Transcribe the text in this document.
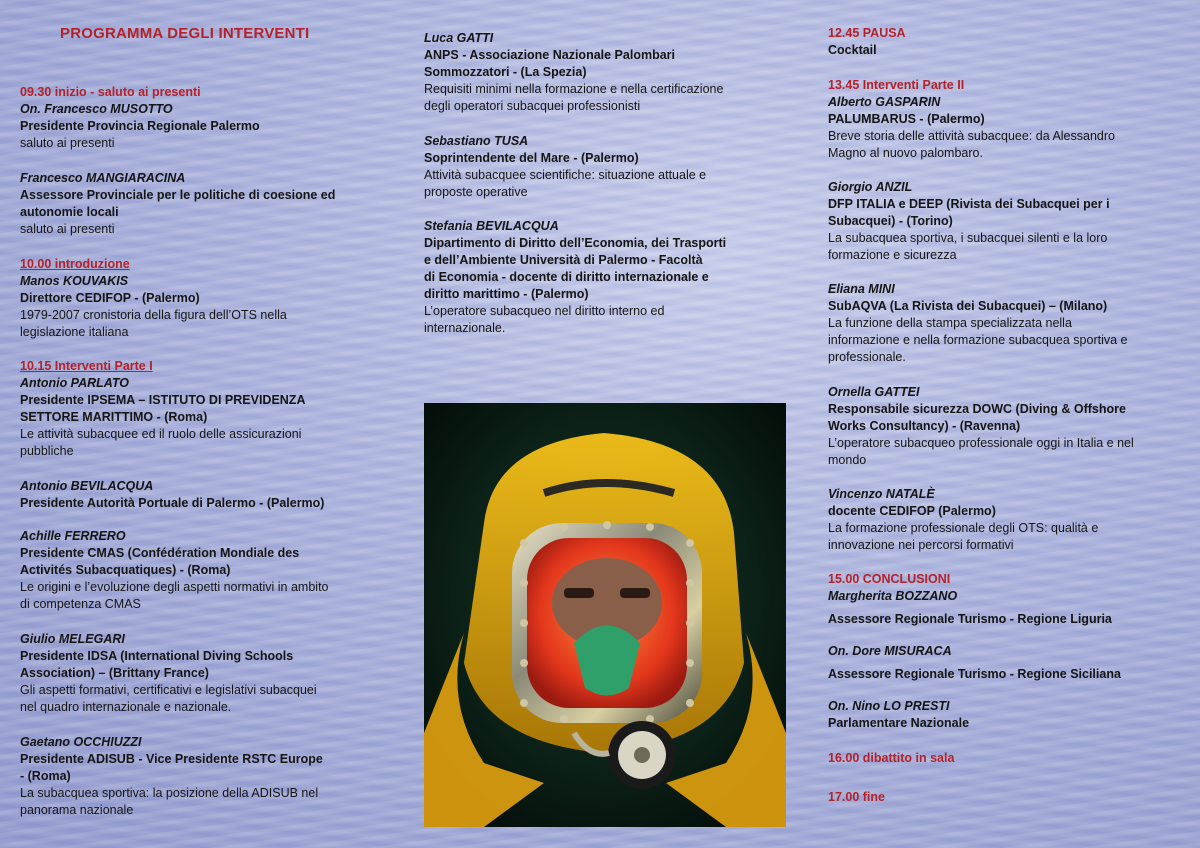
PROGRAMMA DEGLI INTERVENTI
09.30 inizio - saluto ai presenti
On. Francesco MUSOTTO
Presidente Provincia Regionale Palermo
saluto ai presenti
Francesco MANGIARACINA
Assessore Provinciale per le politiche di coesione ed
autonomie locali
saluto ai presenti
10.00 introduzione
Manos KOUVAKIS
Direttore CEDIFOP - (Palermo)
1979-2007 cronistoria della figura dell’OTS nella
legislazione italiana
10.15 Interventi Parte I
Antonio PARLATO
Presidente IPSEMA – ISTITUTO DI PREVIDENZA
SETTORE MARITTIMO - (Roma)
Le attività subacquee ed il ruolo delle assicurazioni
pubbliche
Antonio BEVILACQUA
Presidente Autorità Portuale di Palermo - (Palermo)
Achille FERRERO
Presidente CMAS (Confédération Mondiale des
Activités Subacquatiques) - (Roma)
Le origini e l’evoluzione degli aspetti normativi in ambito
di competenza CMAS
Giulio MELEGARI
Presidente IDSA (International Diving Schools
Association) – (Brittany France)
Gli aspetti formativi, certificativi e legislativi subacquei
nel quadro internazionale e nazionale.
Gaetano OCCHIUZZI
Presidente ADISUB - Vice Presidente RSTC Europe
- (Roma)
La subacquea sportiva: la posizione della ADISUB nel
panorama nazionale
Luca GATTI
ANPS - Associazione Nazionale Palombari
Sommozzatori - (La Spezia)
Requisiti minimi nella formazione e nella certificazione
degli operatori subacquei professionisti
Sebastiano TUSA
Soprintendente del Mare - (Palermo)
Attività subacquee scientifiche: situazione attuale e
proposte operative
Stefania BEVILACQUA
Dipartimento di Diritto dell’Economia, dei Trasporti
e dell’Ambiente Università di Palermo - Facoltà
di Economia - docente di diritto internazionale e
diritto marittimo - (Palermo)
L’operatore subacqueo nel diritto interno ed
internazionale.
12.45 PAUSA
Cocktail
13.45 Interventi Parte II
Alberto GASPARIN
PALUMBARUS - (Palermo)
Breve storia delle attività subacquee: da Alessandro
Magno al nuovo palombaro.
Giorgio ANZIL
DFP ITALIA e DEEP (Rivista dei Subacquei per i
Subacquei) - (Torino)
La subacquea sportiva, i subacquei silenti e la loro
formazione e sicurezza
Eliana MINI
SubAQVA (La Rivista dei Subacquei) – (Milano)
La funzione della stampa specializzata nella
informazione e nella formazione subacquea sportiva e
professionale.
Ornella GATTEI
Responsabile sicurezza DOWC (Diving & Offshore
Works Consultancy) - (Ravenna)
L’operatore subacqueo professionale oggi in Italia e nel
mondo
Vincenzo NATALÈ
docente CEDIFOP (Palermo)
La formazione professionale degli OTS: qualità e
innovazione nei percorsi formativi
15.00 CONCLUSIONI
Margherita BOZZANO
Assessore Regionale Turismo - Regione Liguria
On. Dore MISURACA
Assessore Regionale Turismo - Regione Siciliana
On. Nino LO PRESTI
Parlamentare Nazionale
16.00 dibattito in sala
17.00 fine
